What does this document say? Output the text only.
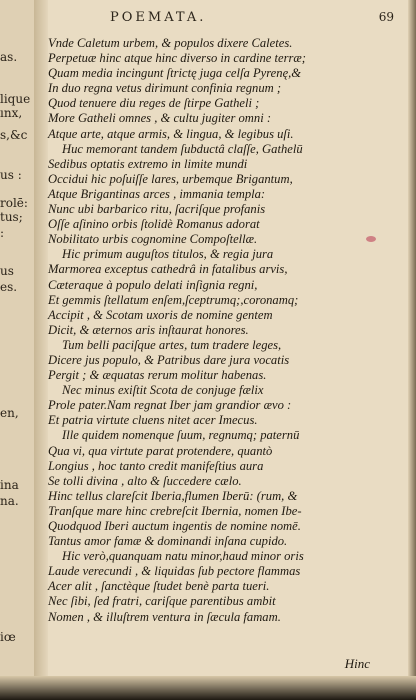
as.
lique
ınx,
s,&c
us :
rolē:
tus;
:
us
es.
en,
ina
na.
iœ
POEMATA.	69
Vnde Caletum urbem, & populos dixere Caletes.
Perpetuæ hinc atque hinc diverso in cardine terræ;
Quam media incingunt ſtrictę juga celſa Pyrenę,&
In duo regna vetus dirimunt confinia regnum ;
Quod tenuere diu reges de ſtirpe Gatheli ;
More Gatheli omnes , & cultu jugiter omni :
Atque arte, atque armis, & lingua, & legibus uſi.
Huc memorant tandem ſubductâ claſſe, Gathelū
Sedibus optatis extremo in limite mundi
Occidui hic poſuiſſe lares, urbemque Brigantum,
Atque Brigantinas arces , immania templa:
Nunc ubi barbarico ritu, ſacriſque profanis
Oſſe aſinino orbis ſtolidè Romanus adorat
Nobilitato urbis cognomine Compoſtellæ.
Hic primum auguſtos titulos, & regia jura
Marmorea exceptus cathedrâ in fatalibus arvis,
Cæteraque à populo delati inſignia regni,
Et gemmis ſtellatum enſem,ſceptrumq;,coronamq;
Accipit , & Scotam uxoris de nomine gentem
Dicit, & æternos aris inſtaurat honores.
Tum belli paciſque artes, tum tradere leges,
Dicere jus populo, & Patribus dare jura vocatis
Pergit ; & æquatas rerum molitur habenas.
Nec minus exiſtit Scota de conjuge fælix
Prole pater.Nam regnat Iber jam grandior ævo :
Et patria virtute cluens nitet acer Imecus.
Ille quidem nomenque ſuum, regnumq; paternū
Qua vi, qua virtute parat protendere, quantò
Longius , hoc tanto credit manifeſtius aura
Se tolli divina , alto & ſuccedere cælo.
Hinc tellus clareſcit Iberia,flumen Iberū: (rum, &
Tranſque mare hinc crebreſcit Ibernia, nomen Ibe-
Quodquod Iberi auctum ingentis de nomine nomē.
Tantus amor famæ & dominandi inſana cupido.
Hic verò,quanquam natu minor,haud minor oris
Laude verecundi , & liquidas ſub pectore flammas
Acer alit , ſanctèque ſtudet benè parta tueri.
Nec ſibi, ſed fratri, cariſque parentibus ambit
Nomen , & illuſtrem ventura in ſæcula famam.
Hinc
